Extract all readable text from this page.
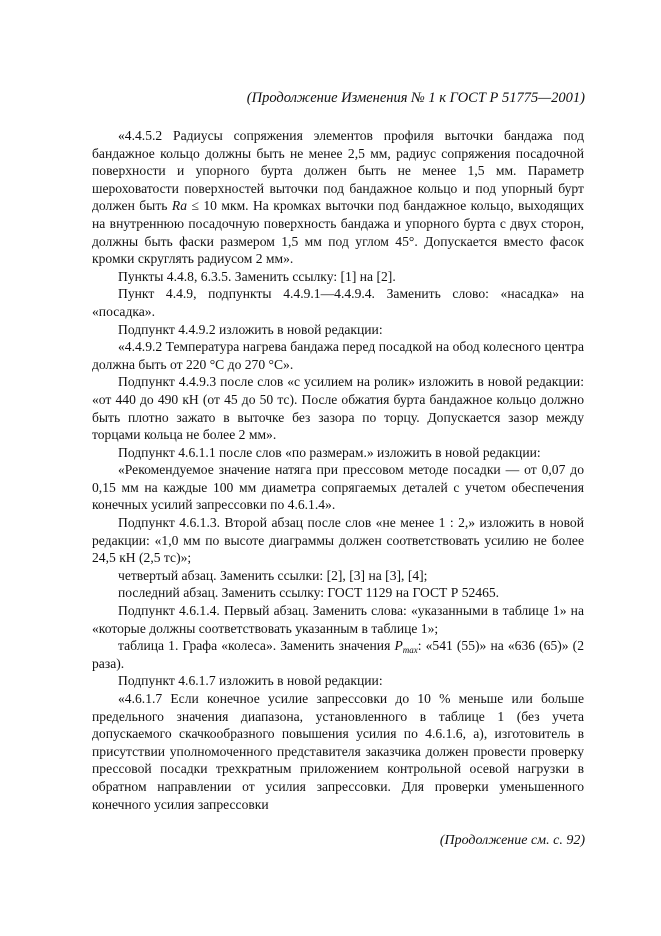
(Продолжение Изменения № 1 к ГОСТ Р 51775—2001)

«4.4.5.2 Радиусы сопряжения элементов профиля выточки бандажа под бандажное кольцо должны быть не менее 2,5 мм, радиус сопряжения посадочной поверхности и упорного бурта должен быть не менее 1,5 мм. Параметр шероховатости поверхностей выточки под бандажное кольцо и под упорный бурт должен быть Ra ≤ 10 мкм. На кромках выточки под бандажное кольцо, выходящих на внутреннюю посадочную поверхность бандажа и упорного бурта с двух сторон, должны быть фаски размером 1,5 мм под углом 45°. Допускается вместо фасок кромки скруглять радиусом 2 мм».

Пункты 4.4.8, 6.3.5. Заменить ссылку: [1] на [2].

Пункт 4.4.9, подпункты 4.4.9.1—4.4.9.4. Заменить слово: «насадка» на «посадка».

Подпункт 4.4.9.2 изложить в новой редакции:

«4.4.9.2 Температура нагрева бандажа перед посадкой на обод колесного центра должна быть от 220 °С до 270 °С».

Подпункт 4.4.9.3 после слов «с усилием на ролик» изложить в новой редакции: «от 440 до 490 кН (от 45 до 50 тс). После обжатия бурта бандажное кольцо должно быть плотно зажато в выточке без зазора по торцу. Допускается зазор между торцами кольца не более 2 мм».

Подпункт 4.6.1.1 после слов «по размерам.» изложить в новой редакции:

«Рекомендуемое значение натяга при прессовом методе посадки — от 0,07 до 0,15 мм на каждые 100 мм диаметра сопрягаемых деталей с учетом обеспечения конечных усилий запрессовки по 4.6.1.4».

Подпункт 4.6.1.3. Второй абзац после слов «не менее 1 : 2,» изложить в новой редакции: «1,0 мм по высоте диаграммы должен соответствовать усилию не более 24,5 кН (2,5 тс)»;

четвертый абзац. Заменить ссылки: [2], [3] на [3], [4];

последний абзац. Заменить ссылку: ГОСТ 1129 на ГОСТ Р 52465.

Подпункт 4.6.1.4. Первый абзац. Заменить слова: «указанными в таблице 1» на «которые должны соответствовать указанным в таблице 1»;

таблица 1. Графа «колеса». Заменить значения $P_{max}$: «541 (55)» на «636 (65)» (2 раза).

Подпункт 4.6.1.7 изложить в новой редакции:

«4.6.1.7 Если конечное усилие запрессовки до 10 % меньше или больше предельного значения диапазона, установленного в таблице 1 (без учета допускаемого скачкообразного повышения усилия по 4.6.1.6, а), изготовитель в присутствии уполномоченного представителя заказчика должен провести проверку прессовой посадки трехкратным приложением контрольной осевой нагрузки в обратном направлении от усилия запрессовки. Для проверки уменьшенного конечного усилия запрессовки

(Продолжение см. с. 92)
